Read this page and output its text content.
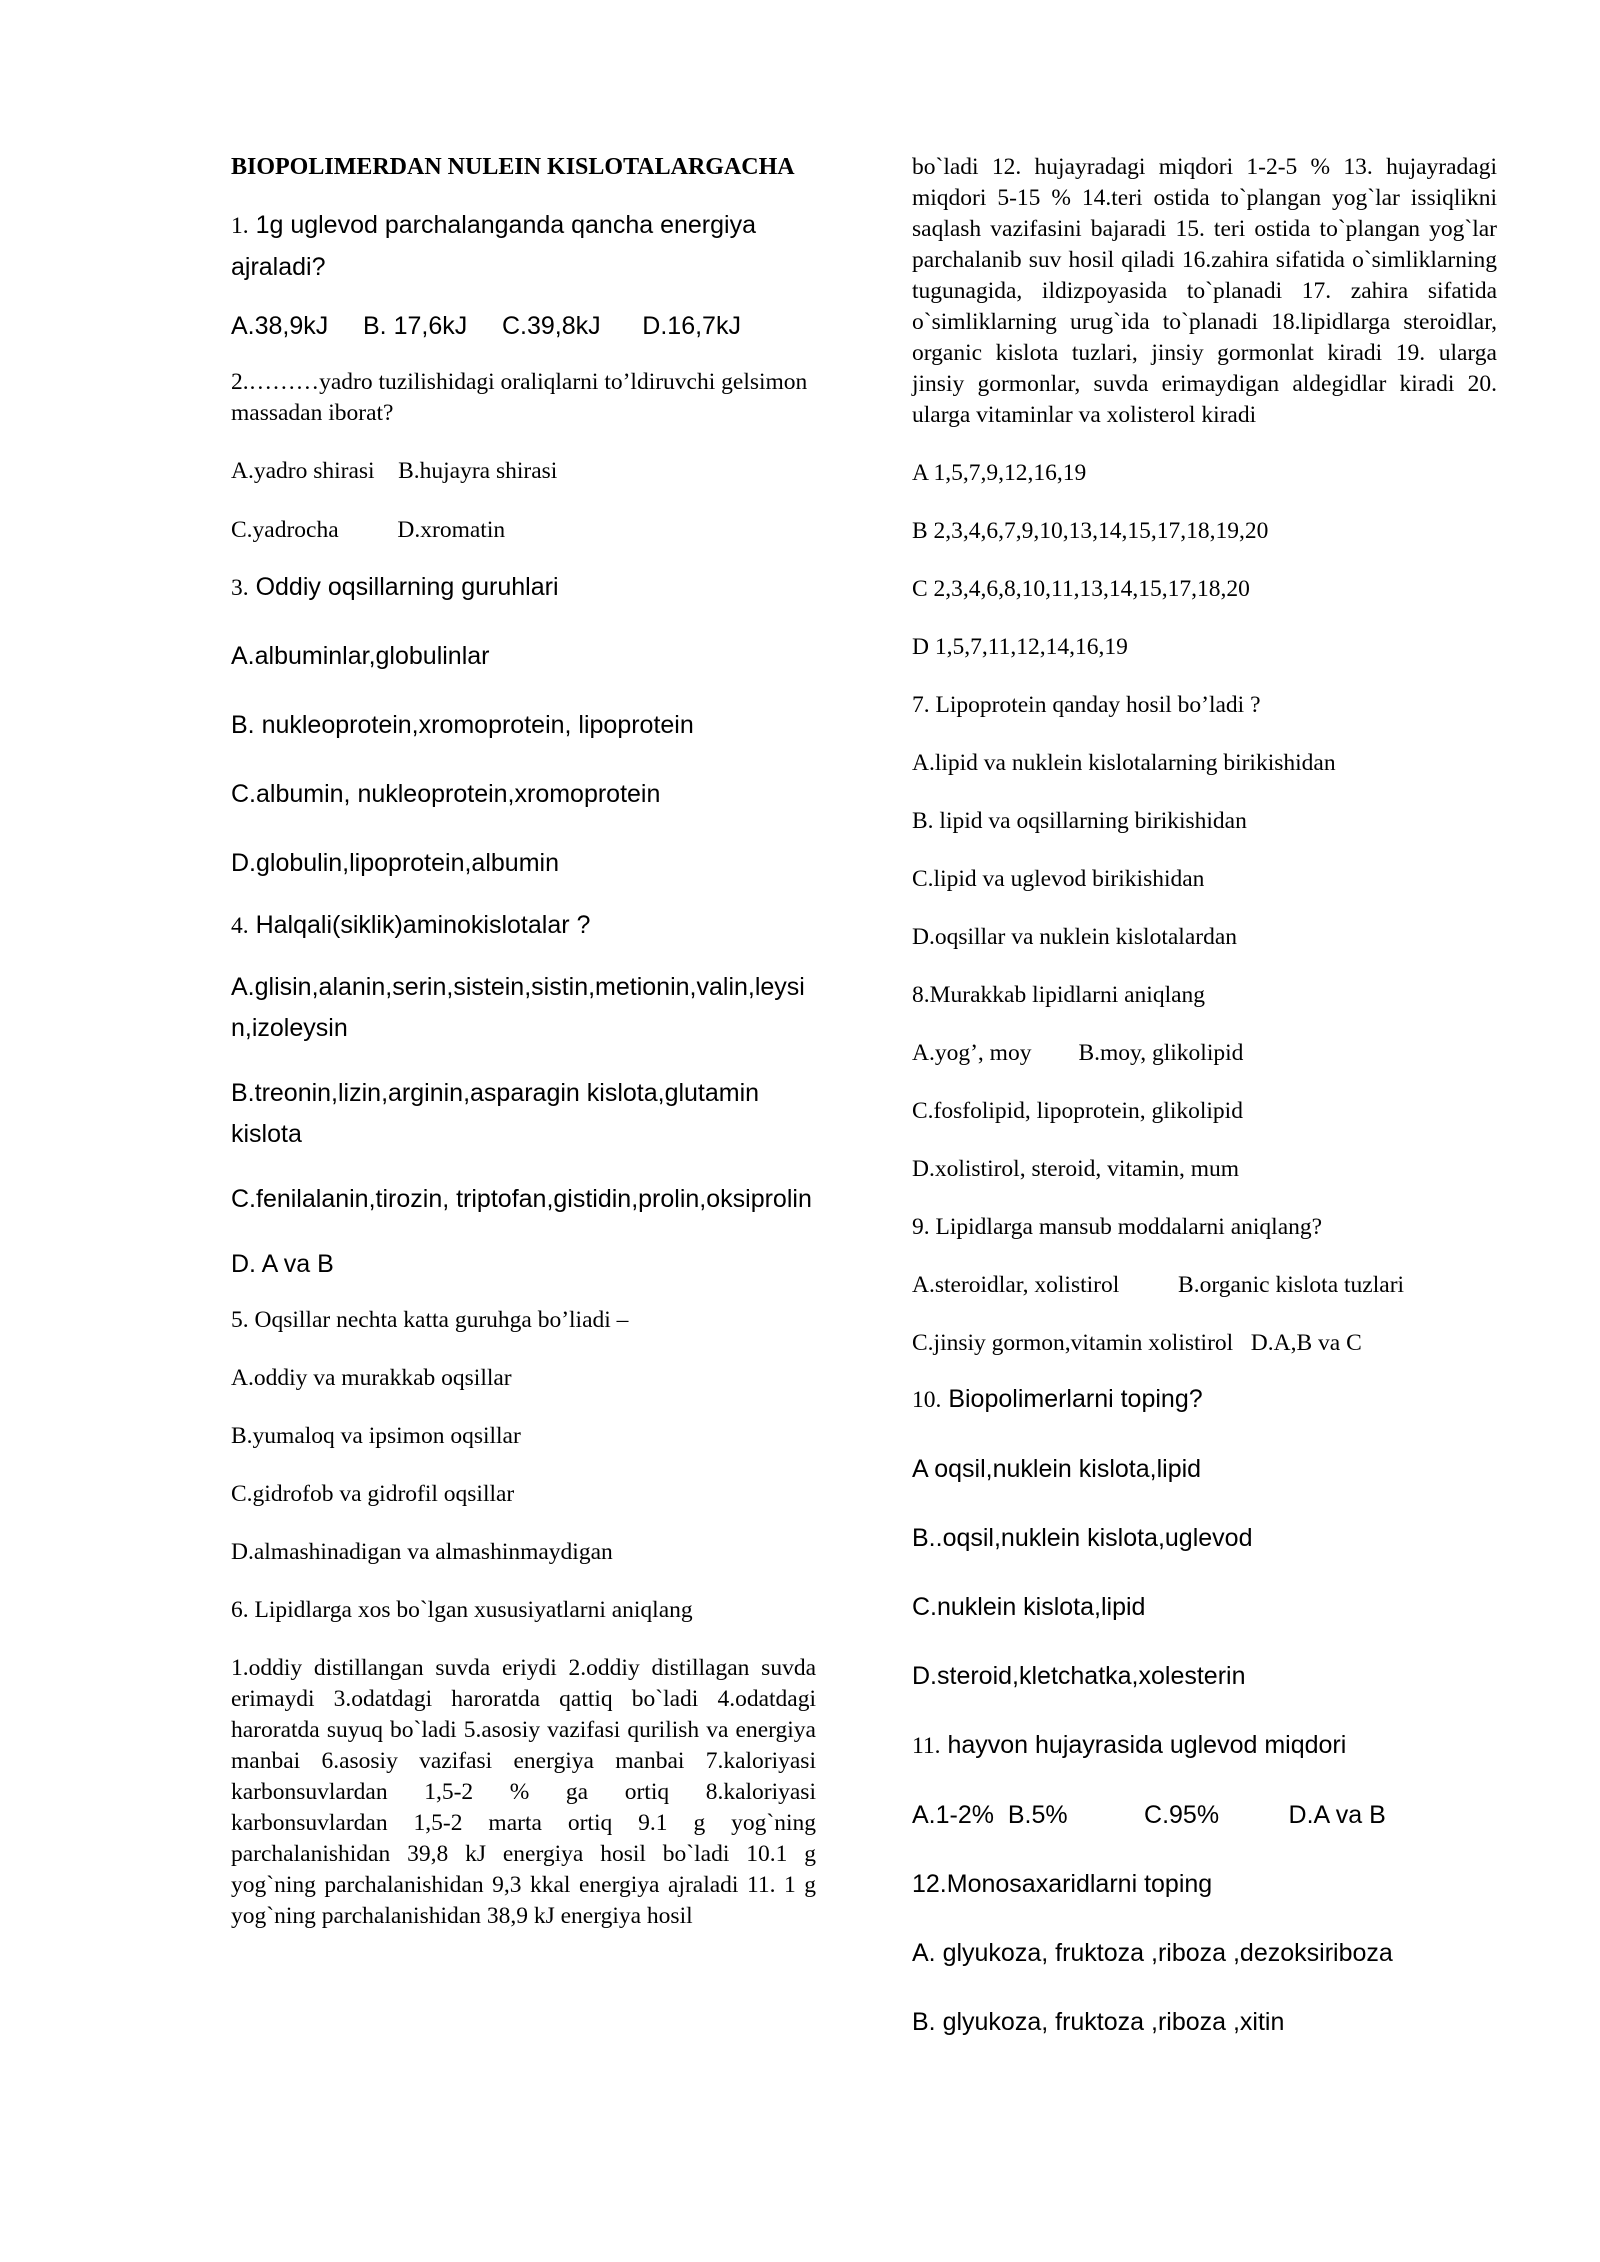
BIOPOLIMERDAN NULEIN KISLOTALARGACHA

1. 1g uglevod parchalanganda qancha energiya ajraladi?

A.38,9kJ     B. 17,6kJ     C.39,8kJ      D.16,7kJ

2.………yadro tuzilishidagi oraliqlarni to’ldiruvchi gelsimon massadan iborat?

A.yadro shirasi    B.hujayra shirasi

C.yadrocha          D.xromatin

3. Oddiy oqsillarning guruhlari

A.albuminlar,globulinlar

B. nukleoprotein,xromoprotein, lipoprotein

C.albumin, nukleoprotein,xromoprotein

D.globulin,lipoprotein,albumin

4. Halqali(siklik)aminokislotalar ?

A.glisin,alanin,serin,sistein,sistin,metionin,valin,leysin,izoleysin

B.treonin,lizin,arginin,asparagin kislota,glutamin kislota

C.fenilalanin,tirozin, triptofan,gistidin,prolin,oksiprolin

D. A va B

5. Oqsillar nechta katta guruhga bo’liadi –

A.oddiy va murakkab oqsillar

B.yumaloq va ipsimon oqsillar

C.gidrofob va gidrofil oqsillar

D.almashinadigan va almashinmaydigan

6. Lipidlarga xos bo`lgan xususiyatlarni aniqlang

1.oddiy distillangan suvda eriydi 2.oddiy distillagan suvda erimaydi 3.odatdagi haroratda qattiq bo`ladi 4.odatdagi haroratda suyuq bo`ladi 5.asosiy vazifasi qurilish va energiya manbai 6.asosiy vazifasi energiya manbai 7.kaloriyasi karbonsuvlardan 1,5-2 % ga ortiq 8.kaloriyasi karbonsuvlardan 1,5-2 marta ortiq 9.1 g yog`ning parchalanishidan 39,8 kJ energiya hosil bo`ladi 10.1 g yog`ning parchalanishidan 9,3 kkal energiya ajraladi 11. 1 g yog`ning parchalanishidan 38,9 kJ energiya hosil

bo`ladi 12. hujayradagi miqdori 1-2-5 % 13. hujayradagi miqdori 5-15 % 14.teri ostida to`plangan yog`lar issiqlikni saqlash vazifasini bajaradi 15. teri ostida to`plangan yog`lar parchalanib suv hosil qiladi 16.zahira sifatida o`simliklarning tugunagida, ildizpoyasida to`planadi 17. zahira sifatida o`simliklarning urug`ida to`planadi 18.lipidlarga steroidlar, organic kislota tuzlari, jinsiy gormonlat kiradi 19. ularga jinsiy gormonlar, suvda erimaydigan aldegidlar kiradi 20. ularga vitaminlar va xolisterol kiradi

A 1,5,7,9,12,16,19

B 2,3,4,6,7,9,10,13,14,15,17,18,19,20

C 2,3,4,6,8,10,11,13,14,15,17,18,20

D 1,5,7,11,12,14,16,19

7. Lipoprotein qanday hosil bo’ladi ?

A.lipid va nuklein kislotalarning birikishidan

B. lipid va oqsillarning birikishidan

C.lipid va uglevod birikishidan

D.oqsillar va nuklein kislotalardan

8.Murakkab lipidlarni aniqlang

A.yog’, moy        B.moy, glikolipid

C.fosfolipid, lipoprotein, glikolipid

D.xolistirol, steroid, vitamin, mum

9. Lipidlarga mansub moddalarni aniqlang?

A.steroidlar, xolistirol          B.organic kislota tuzlari

C.jinsiy gormon,vitamin xolistirol   D.A,B va C

10. Biopolimerlarni toping?

A oqsil,nuklein kislota,lipid

B..oqsil,nuklein kislota,uglevod

C.nuklein kislota,lipid

D.steroid,kletchatka,xolesterin

11. hayvon hujayrasida uglevod miqdori

A.1-2%  B.5%           C.95%          D.A va B

12.Monosaxaridlarni toping

A. glyukoza, fruktoza ,riboza ,dezoksiriboza

B. glyukoza, fruktoza ,riboza ,xitin
